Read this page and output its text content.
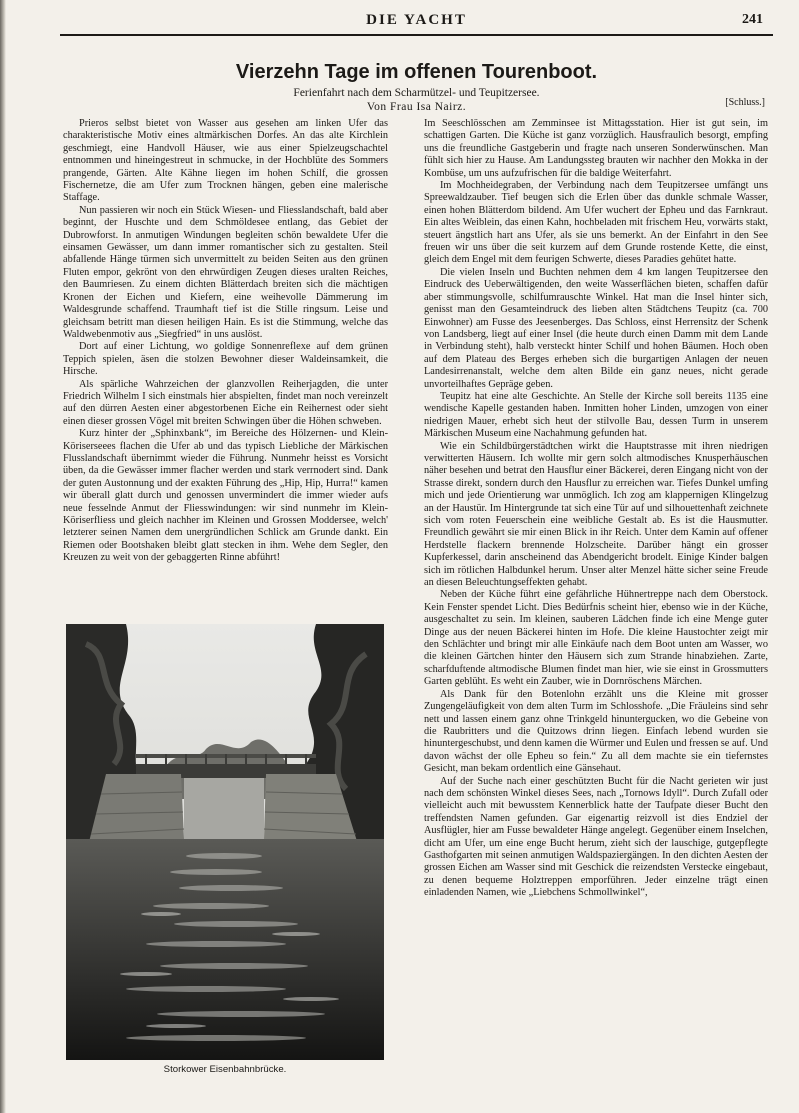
DIE YACHT	241
Vierzehn Tage im offenen Tourenboot.
Ferienfahrt nach dem Scharmützel- und Teupitzersee.
Von Frau Isa Nairz.	[Schluss.]

Prieros selbst bietet von Wasser aus gesehen am linken Ufer das charakteristische Motiv eines altmärkischen Dorfes. An das alte Kirchlein geschmiegt, eine Handvoll Häuser, wie aus einer Spielzeugschachtel entnommen und hineingestreut in schmucke, in der Hochblüte des Sommers prangende, Gärten. Alte Kähne liegen im hohen Schilf, die grossen Fischernetze, die am Ufer zum Trocknen hängen, geben eine malerische Staffage.

Nun passieren wir noch ein Stück Wiesen- und Fliesslandschaft, bald aber beginnt, der Huschte und dem Schmöldesee entlang, das Gebiet der Dubrowforst. In anmutigen Windungen begleiten schön bewaldete Ufer die einsamen Gewässer, um dann immer romantischer sich zu gestalten. Steil abfallende Hänge türmen sich unvermittelt zu beiden Seiten aus den grünen Fluten empor, gekrönt von den ehrwürdigen Zeugen dieses uralten Reiches, den Baumriesen. Zu einem dichten Blätterdach breiten sich die mächtigen Kronen der Eichen und Kiefern, eine weihevolle Dämmerung im Waldesgrunde schaffend. Traumhaft tief ist die Stille ringsum. Leise und gleichsam betritt man diesen heiligen Hain. Es ist die Stimmung, welche das Waldwebenmotiv aus „Siegfried“ in uns auslöst.

Dort auf einer Lichtung, wo goldige Sonnenreflexe auf dem grünen Teppich spielen, äsen die stolzen Bewohner dieser Waldeinsamkeit, die Hirsche.

Als spärliche Wahrzeichen der glanzvollen Reiherjagden, die unter Friedrich Wilhelm I sich einstmals hier abspielten, findet man noch vereinzelt auf den dürren Aesten einer abgestorbenen Eiche ein Reihernest oder sieht einen dieser grossen Vögel mit breiten Schwingen über die Höhen schweben.

Kurz hinter der „Sphinxbank“, im Bereiche des Hölzernen- und Klein-Köriserseees flachen die Ufer ab und das typisch Liebliche der Märkischen Flusslandschaft übernimmt wieder die Führung. Nunmehr heisst es Vorsicht üben, da die Gewässer immer flacher werden und stark verrnodert sind. Dank der guten Austonnung und der exakten Führung des „Hip, Hip, Hurra!“ kamen wir überall glatt durch und genossen unvermindert die immer wieder aufs neue fesselnde Anmut der Fliesswindungen: wir sind nunmehr im Klein-Köriserfliess und gleich nachher im Kleinen und Grossen Moddersee, welch' letzterer seinen Namen dem unergründlichen Schlick am Grunde dankt. Ein Riemen oder Bootshaken bleibt glatt stecken in ihm. Wehe dem Segler, den Kreuzen zu weit von der gebaggerten Rinne abführt!

Storkower Eisenbahnbrücke.

Im Seeschlösschen am Zemminsee ist Mittagsstation. Hier ist gut sein, im schattigen Garten. Die Küche ist ganz vorzüglich. Hausfraulich besorgt, empfing uns die freundliche Gastgeberin und fragte nach unseren Sonderwünschen. Man fühlt sich hier zu Hause. Am Landungssteg brauten wir nachher den Mokka in der Kombüse, um uns aufzufrischen für die baldige Weiterfahrt.

Im Mochheidegraben, der Verbindung nach dem Teupitzersee umfängt uns Spreewaldzauber. Tief beugen sich die Erlen über das dunkle schmale Wasser, einen hohen Blätterdom bildend. Am Ufer wuchert der Epheu und das Farnkraut. Ein altes Weiblein, das einen Kahn, hochbeladen mit frischem Heu, vorwärts stakt, steuert ängstlich hart ans Ufer, als sie uns bemerkt. An der Einfahrt in den See freuen wir uns über die seit kurzem auf dem Grunde rostende Kette, die einst, gleich dem Engel mit dem feurigen Schwerte, dieses Paradies gehütet hatte.

Die vielen Inseln und Buchten nehmen dem 4 km langen Teupitzersee den Eindruck des Ueberwältigenden, den weite Wasserflächen bieten, schaffen dafür aber stimmungsvolle, schilfumrauschte Winkel. Hat man die Insel hinter sich, genisst man den Gesamteindruck des lieben alten Städtchens Teupitz (ca. 700 Einwohner) am Fusse des Jeesenberges. Das Schloss, einst Herrensitz der Schenk von Landsberg, liegt auf einer Insel (die heute durch einen Damm mit dem Lande in Verbindung steht), halb versteckt hinter Schilf und hohen Bäumen. Hoch oben auf dem Plateau des Berges erheben sich die burgartigen Anlagen der neuen Landesirrenanstalt, welche dem alten Bilde ein ganz neues, nicht gerade unvorteilhaftes Gepräge geben.

Teupitz hat eine alte Geschichte. An Stelle der Kirche soll bereits 1135 eine wendische Kapelle gestanden haben. Inmitten hoher Linden, umzogen von einer niedrigen Mauer, erhebt sich heut der stilvolle Bau, dessen Turm in unserem Märkischen Museum eine Nachahmung gefunden hat.

Wie ein Schildbürgerstädtchen wirkt die Hauptstrasse mit ihren niedrigen verwitterten Häusern. Ich wollte mir gern solch altmodisches Knusperhäuschen näher besehen und betrat den Hausflur einer Bäckerei, deren Eingang nicht von der Strasse direkt, sondern durch den Hausflur zu erreichen war. Tiefes Dunkel umfing mich und jede Orientierung war unmöglich. Ich zog am klappernigen Klingelzug an der Haustür. Im Hintergrunde tat sich eine Tür auf und silhouettenhaft zeichnete sich vom roten Feuerschein eine weibliche Gestalt ab. Es ist die Hausmutter. Freundlich gewährt sie mir einen Blick in ihr Reich. Unter dem Kamin auf offener Herdstelle flackern brennende Holzscheite. Darüber hängt ein grosser Kupferkessel, darin anscheinend das Abendgericht brodelt. Einige Kinder balgen sich im rötlichen Halbdunkel herum. Unser alter Menzel hätte sicher seine Freude an diesen Beleuchtungseffekten gehabt.

Neben der Küche führt eine gefährliche Hühnertreppe nach dem Oberstock. Kein Fenster spendet Licht. Dies Bedürfnis scheint hier, ebenso wie in der Küche, ausgeschaltet zu sein. Im kleinen, sauberen Lädchen finde ich eine Menge guter Dinge aus der neuen Bäckerei hinten im Hofe. Die kleine Haustochter zeigt mir den Schlächter und bringt mir alle Einkäufe nach dem Boot unten am Wasser, wo die kleinen Gärtchen hinter den Häusern sich zum Strande hinabziehen. Zarte, scharfduftende altmodische Blumen findet man hier, wie sie einst in Grossmutters Garten geblüht. Es weht ein Zauber, wie in Dornröschens Märchen.

Als Dank für den Botenlohn erzählt uns die Kleine mit grosser Zungengeläufigkeit von dem alten Turm im Schlosshofe. „Die Fräuleins sind sehr nett und lassen einem ganz ohne Trinkgeld hinuntergucken, wo die Gebeine von die Raubritters und die Quitzows drinn liegen. Einfach lebend wurden sie hinuntergeschubst, und denn kamen die Würmer und Eulen und fressen se auf. Und davon wächst der olle Epheu so fein.“ Zu all dem machte sie ein tiefernstes Gesicht, man bekam ordentlich eine Gänsehaut.

Auf der Suche nach einer geschützten Bucht für die Nacht gerieten wir just nach dem schönsten Winkel dieses Sees, nach „Tornows Idyll“. Durch Zufall oder vielleicht auch mit bewusstem Kennerblick hatte der Taufpate dieser Bucht den treffendsten Namen gefunden. Gar eigenartig reizvoll ist dies Endziel der Ausflügler, hier am Fusse bewaldeter Hänge angelegt. Gegenüber einem Inselchen, dicht am Ufer, um eine enge Bucht herum, zieht sich der lauschige, gutgepflegte Gasthofgarten mit seinen anmutigen Waldspaziergängen. In den dichten Aesten der grossen Eichen am Wasser sind mit Geschick die reizendsten Verstecke eingebaut, zu denen bequeme Holztreppen emporführen. Jeder einzelne trägt einen einladenden Namen, wie „Liebchens Schmollwinkel“,
